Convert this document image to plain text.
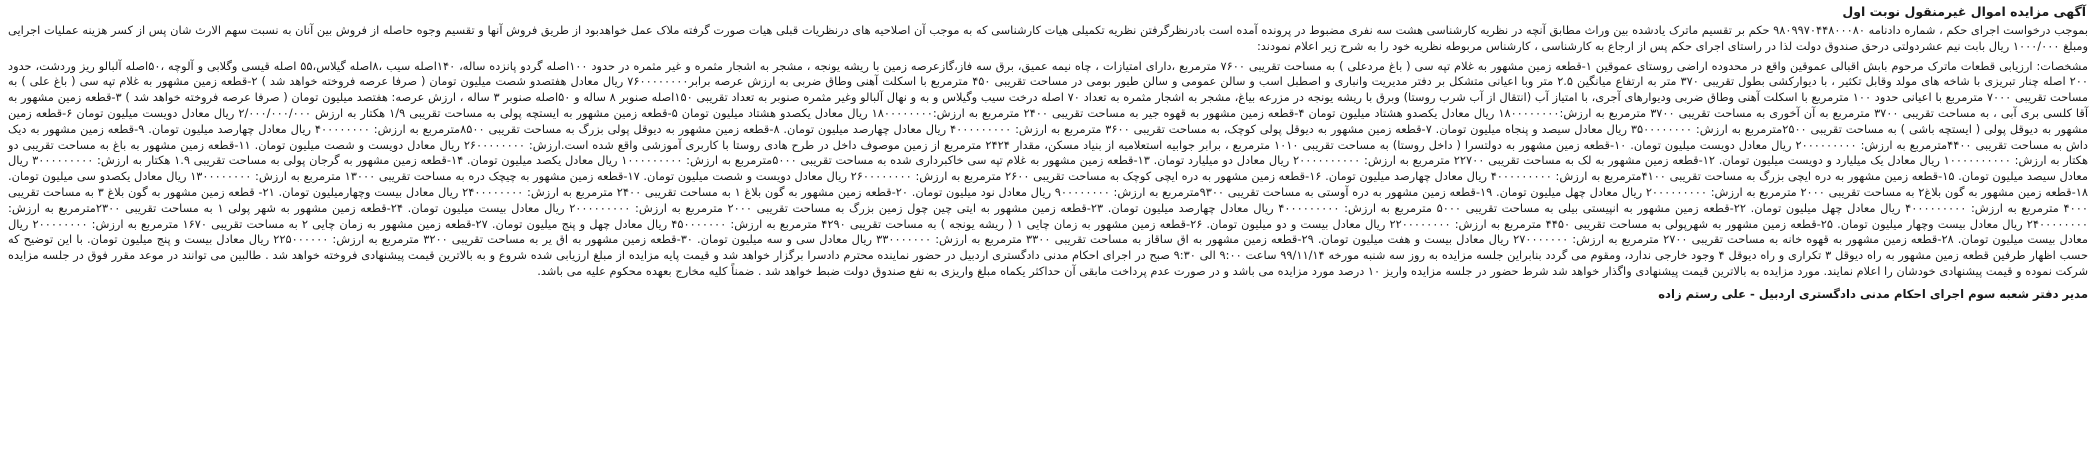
آگهی مزایده اموال غیرمنقول نوبت اول

بموجب درخواست اجرای حکم ، شماره دادنامه ۹۸۰۹۹۷۰۴۴۸۰۰۰۸۰ حکم بر تقسیم ماترک یادشده بین وراث مطابق آنچه در نظریه کارشناسی هشت سه نفری مضبوط در پرونده آمده است بادرنظرگرفتن نظریه تکمیلی هیات کارشناسی که به موجب آن اصلاحیه های درنظریات قبلی هیات صورت گرفته ملاک عمل خواهدبود از طریق فروش آنها و تقسیم وجوه حاصله از فروش بین آنان به نسبت سهم الارث شان پس از کسر هزینه عملیات اجرایی ومبلغ ۱۰۰۰/۰۰۰ ریال بابت نیم عشردولتی درحق صندوق دولت لذا در راستای اجرای حکم پس از ارجاع به کارشناسی ، کارشناس مربوطه نظریه خود را به شرح زیر اعلام نمودند:

مشخصات: ارزیابی قطعات ماترک مرحوم بابش اقبالی عموقین واقع در محدوده اراضی روستای عموقین ۱-قطعه زمین مشهور به غلام تپه سی ( باغ مردعلی ) به مساحت تقریبی ۷۶۰۰ مترمربع ،دارای امتیازات ، چاه نیمه عمیق، برق سه فاز،گازعرصه زمین با ریشه یونجه ، مشجر به اشجار مثمره و غیر مثمره در حدود ۱۰۰اصله گردو پانزده ساله، ۱۴۰اصله سیب ،۸اصله گیلاس،۵۵ اصله قیسی وگلابی و آلوچه ،۵۰اصله آلبالو ریز وردشت، حدود ۲۰۰ اصله چنار تبریزی با شاخه های مولد وقابل تکثیر ، با دیوارکشی بطول تقریبی ۳۷۰ متر به ارتفاع میانگین ۲.۵ متر وبا اعیانی متشکل بر دفتر مدیریت وانباری و اصطبل اسب و سالن عمومی و سالن طیور بومی در مساحت تقریبی ۴۵۰ مترمربع با اسکلت آهنی وطاق ضربی به ارزش عرصه برابر۷۶۰۰۰۰۰۰۰۰ ریال معادل هفتصدو شصت میلیون تومان ( صرفا عرصه فروخته خواهد شد ) ۲-قطعه زمین مشهور به غلام تپه سی ( باغ علی ) به مساحت تقریبی ۷۰۰۰ مترمربع با اعیانی حدود ۱۰۰ مترمربع با اسکلت آهنی وطاق ضربی ودیوارهای آجری، با امتیاز آب (انتقال از آب شرب روستا) وبرق با ریشه یونجه در مزرعه بیاغ، مشجر به اشجار مثمره به تعداد ۷۰ اصله درخت سیب وگیلاس و به و نهال آلبالو وغیر مثمره صنوبر به تعداد تقریبی ۱۵۰اصله صنوبر ۸ ساله و ۵۰اصله صنوبر ۳ ساله ، ارزش عرصه: هفتصد میلیون تومان ( صرفا عرصه فروخته خواهد شد ) ۳-قطعه زمین مشهور به آقا کلسی بری آبی ، به مساحت تقریبی ۳۷۰۰ مترمربع به آن آخوری به مساحت تقریبی ۳۷۰۰ مترمربع به ارزش:۱۸۰۰۰۰۰۰۰۰ ریال معادل یکصدو هشتاد میلیون تومان ۴-قطعه زمین مشهور به قهوه جیر به مساحت تقریبی ۲۴۰۰ مترمربع به ارزش:۱۸۰۰۰۰۰۰۰۰ ریال معادل یکصدو هشتاد میلیون تومان ۵-قطعه زمین مشهور به ایستچه پولی به مساحت تقریبی ۱/۹ هکتار به ارزش ۲/۰۰۰/۰۰۰/۰۰۰ ریال معادل دویست میلیون تومان ۶-قطعه زمین مشهور به دیوقل پولی ( ایستچه باشی ) به مساحت تقریبی ۲۵۰۰مترمربع به ارزش: ۳۵۰۰۰۰۰۰۰۰ ریال معادل سیصد و پنجاه میلیون تومان. ۷-قطعه زمین مشهور به دیوقل پولی کوچک، به مساحت تقریبی ۳۶۰۰ مترمربع به ارزش: ۴۰۰۰۰۰۰۰۰۰ ریال معادل چهارصد میلیون تومان. ۸-قطعه زمین مشهور به دیوقل پولی بزرگ به مساحت تقریبی ۸۵۰۰مترمربع به ارزش: ۴۰۰۰۰۰۰۰۰ ریال معادل چهارصد میلیون تومان. ۹-قطعه زمین مشهور به دیک داش به مساحت تقریبی ۴۴۰۰مترمربع به ارزش: ۲۰۰۰۰۰۰۰۰۰ ریال معادل دویست میلیون تومان. ۱۰-قطعه زمین مشهور به دولتسرا ( داخل روستا) به مساحت تقریبی ۱۰۱۰ مترمربع ، برابر جوابیه استعلامیه از بنیاد مسکن، مقدار ۲۴۲۴ مترمربع از زمین موصوف داخل در طرح هادی روستا با کاربری آموزشی واقع شده است.ارزش: ۲۶۰۰۰۰۰۰۰۰ ریال معادل دویست و شصت میلیون تومان. ۱۱-قطعه زمین مشهور به باغ به مساحت تقریبی دو هکتار به ارزش: ۱۰۰۰۰۰۰۰۰۰۰ ریال معادل یک میلیارد و دویست میلیون تومان. ۱۲-قطعه زمین مشهور به لک به مساحت تقریبی ۲۲۷۰۰ مترمربع به ارزش: ۲۰۰۰۰۰۰۰۰۰۰ ریال معادل دو میلیارد تومان. ۱۳-قطعه زمین مشهور به غلام تپه سی خاکبرداری شده به مساحت تقریبی ۵۰۰۰مترمربع به ارزش: ۱۰۰۰۰۰۰۰۰۰ ریال معادل یکصد میلیون تومان. ۱۴-قطعه زمین مشهور به گرجان پولی به مساحت تقریبی ۱.۹ هکتار به ارزش: ۳۰۰۰۰۰۰۰۰۰ ریال معادل سیصد میلیون تومان. ۱۵-قطعه زمین مشهور به دره ایچی بزرگ به مساحت تقریبی ۴۱۰۰مترمربع به ارزش: ۴۰۰۰۰۰۰۰۰۰ ریال معادل چهارصد میلیون تومان. ۱۶-قطعه زمین مشهور به دره ایچی کوچک به مساحت تقریبی ۲۶۰۰ مترمربع به ارزش: ۲۶۰۰۰۰۰۰۰۰ ریال معادل دویست و شصت میلیون تومان. ۱۷-قطعه زمین مشهور به چیچک دره به مساحت تقریبی ۱۳۰۰۰ مترمربع به ارزش: ۱۳۰۰۰۰۰۰۰۰ ریال معادل یکصدو سی میلیون تومان. ۱۸-قطعه زمین مشهور به گون بلاغ۲ به مساحت تقریبی ۲۰۰۰ مترمربع به ارزش: ۲۰۰۰۰۰۰۰۰۰ ریال معادل چهل میلیون تومان. ۱۹-قطعه زمین مشهور به دره آوستی به مساحت تقریبی ۹۳۰۰مترمربع به ارزش: ۹۰۰۰۰۰۰۰۰ ریال معادل نود میلیون تومان. ۲۰-قطعه زمین مشهور به گون بلاغ ۱ به مساحت تقریبی ۲۴۰۰ مترمربع به ارزش: ۲۴۰۰۰۰۰۰۰۰ ریال معادل بیست وچهارمیلیون تومان. ۲۱- قطعه زمین مشهور به گون بلاغ ۳ به مساحت تقریبی ۴۰۰۰ مترمربع به ارزش: ۴۰۰۰۰۰۰۰۰۰ ریال معادل چهل میلیون تومان. ۲۲-قطعه زمین مشهور به انپیستی بیلی به مساحت تقریبی ۵۰۰۰ مترمربع به ارزش: ۴۰۰۰۰۰۰۰۰۰ ریال معادل چهارصد میلیون تومان. ۲۳-قطعه زمین مشهور به ایتی چین چول زمین بزرگ به مساحت تقریبی ۲۰۰۰ مترمربع به ارزش: ۲۰۰۰۰۰۰۰۰۰ ریال معادل بیست میلیون تومان. ۲۴-قطعه زمین مشهور به شهر پولی ۱ به مساحت تقریبی ۲۳۰۰مترمربع به ارزش: ۲۴۰۰۰۰۰۰۰۰ ریال معادل بیست وچهار میلیون تومان. ۲۵-قطعه زمین مشهور به شهرپولی به مساحت تقریبی ۴۴۵۰ مترمربع به ارزش: ۲۲۰۰۰۰۰۰۰۰ ریال معادل بیست و دو میلیون تومان. ۲۶-قطعه زمین مشهور به زمان چایی ۱ ( ریشه یونجه ) به مساحت تقریبی ۴۲۹۰ مترمربع به ارزش: ۴۵۰۰۰۰۰۰۰ ریال معادل چهل و پنج میلیون تومان. ۲۷-قطعه زمین مشهور به زمان چایی ۲ به مساحت تقریبی ۱۶۷۰ مترمربع به ارزش: ۲۰۰۰۰۰۰۰۰ ریال معادل بیست میلیون تومان. ۲۸-قطعه زمین مشهور به قهوه خانه به مساحت تقریبی ۲۷۰۰ مترمربع به ارزش: ۲۷۰۰۰۰۰۰۰ ریال معادل بیست و هفت میلیون تومان. ۲۹-قطعه زمین مشهور به اق ساقاز به مساحت تقریبی ۳۳۰۰ مترمربع به ارزش: ۳۳۰۰۰۰۰۰۰ ریال معادل سی و سه میلیون تومان. ۳۰-قطعه زمین مشهور به اق یر به مساحت تقریبی ۳۲۰۰ مترمربع به ارزش: ۲۲۵۰۰۰۰۰۰ ریال معادل بیست و پنج میلیون تومان. با این توضیح که حسب اظهار طرفین قطعه زمین مشهور به راه دیوقل ۳ تکراری و راه دیوقل ۴ وجود خارجی ندارد، ومقوم می گردد بنابراین جلسه مزایده به روز سه شنبه مورخه ۹۹/۱۱/۱۴ ساعت ۹:۰۰ الی ۹:۳۰ صبح در اجرای احکام مدنی دادگستری اردبیل در حضور نماینده محترم دادسرا برگزار خواهد شد و قیمت پایه مزایده از مبلغ ارزیابی شده شروع و به بالاترین قیمت پیشنهادی فروخته خواهد شد . طالبین می توانند در موعد مقرر فوق در جلسه مزایده شرکت نموده و قیمت پیشنهادی خودشان را اعلام نمایند. مورد مزایده به بالاترین قیمت پیشنهادی واگذار خواهد شد شرط حضور در جلسه مزایده واریز ۱۰ درصد مورد مزایده می باشد و در صورت عدم پرداخت مابقی آن حداکثر یکماه مبلغ واریزی به نفع صندوق دولت ضبط خواهد شد . ضمناً کلیه مخارج بعهده محکوم علیه می باشد.

مدیر دفتر شعبه سوم اجرای احکام مدنی دادگستری اردبیل - علی رستم زاده
